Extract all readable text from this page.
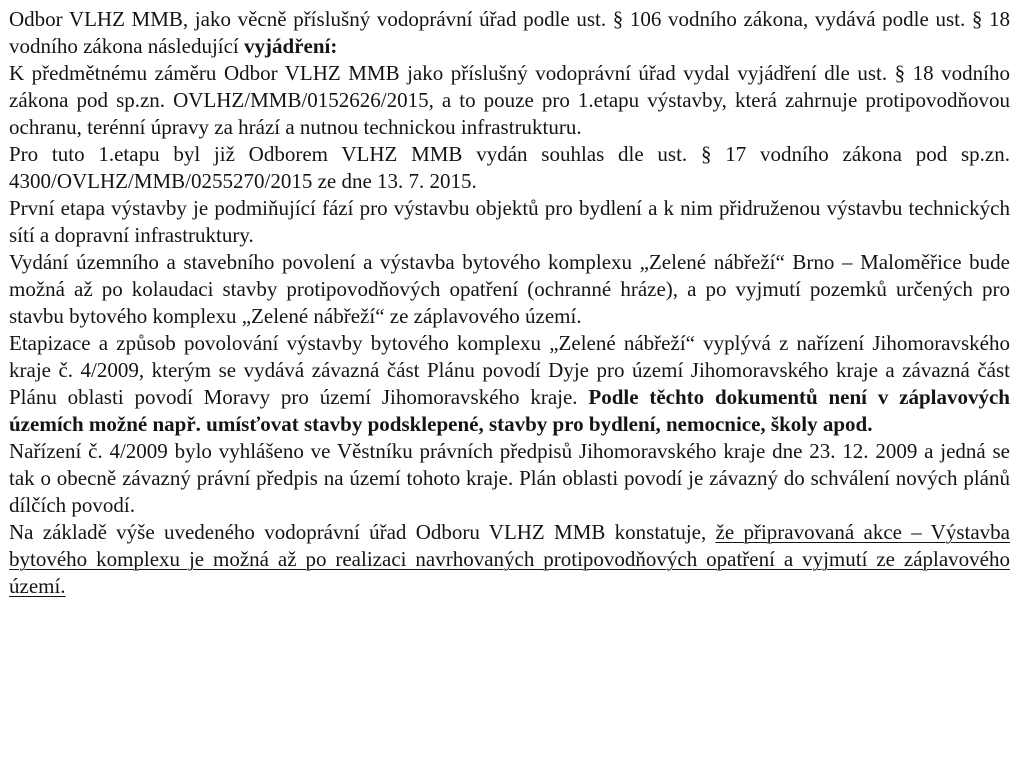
Odbor VLHZ MMB, jako věcně příslušný vodoprávní úřad podle ust. § 106 vodního zákona, vydává podle ust. § 18 vodního zákona následující vyjádření:

K předmětnému záměru Odbor VLHZ MMB jako příslušný vodoprávní úřad vydal vyjádření dle ust. § 18 vodního zákona pod sp.zn. OVLHZ/MMB/0152626/2015, a to pouze pro 1.etapu výstavby, která zahrnuje protipovodňovou ochranu, terénní úpravy za hrází a nutnou technickou infrastrukturu.

Pro tuto 1.etapu byl již Odborem VLHZ MMB vydán souhlas dle ust. § 17 vodního zákona pod sp.zn. 4300/OVLHZ/MMB/0255270/2015 ze dne 13. 7. 2015.

První etapa výstavby je podmiňující fází pro výstavbu objektů pro bydlení a k nim přidruženou výstavbu technických sítí a dopravní infrastruktury.

Vydání územního a stavebního povolení a výstavba bytového komplexu „Zelené nábřeží“ Brno – Maloměřice bude možná až po kolaudaci stavby protipovodňových opatření (ochranné hráze), a po vyjmutí pozemků určených pro stavbu bytového komplexu „Zelené nábřeží“ ze záplavového území.

Etapizace a způsob povolování výstavby bytového komplexu „Zelené nábřeží“ vyplývá z nařízení Jihomoravského kraje č. 4/2009, kterým se vydává závazná část Plánu povodí Dyje pro území Jihomoravského kraje a závazná část Plánu oblasti povodí Moravy pro území Jihomoravského kraje. Podle těchto dokumentů není v záplavových územích možné např. umísťovat stavby podsklepené, stavby pro bydlení, nemocnice, školy apod.

Nařízení č. 4/2009 bylo vyhlášeno ve Věstníku právních předpisů Jihomoravského kraje dne 23. 12. 2009 a jedná se tak o obecně závazný právní předpis na území tohoto kraje. Plán oblasti povodí je závazný do schválení nových plánů dílčích povodí.

Na základě výše uvedeného vodoprávní úřad Odboru VLHZ MMB konstatuje, že připravovaná akce – Výstavba bytového komplexu je možná až po realizaci navrhovaných protipovodňových opatření a vyjmutí ze záplavového území.
